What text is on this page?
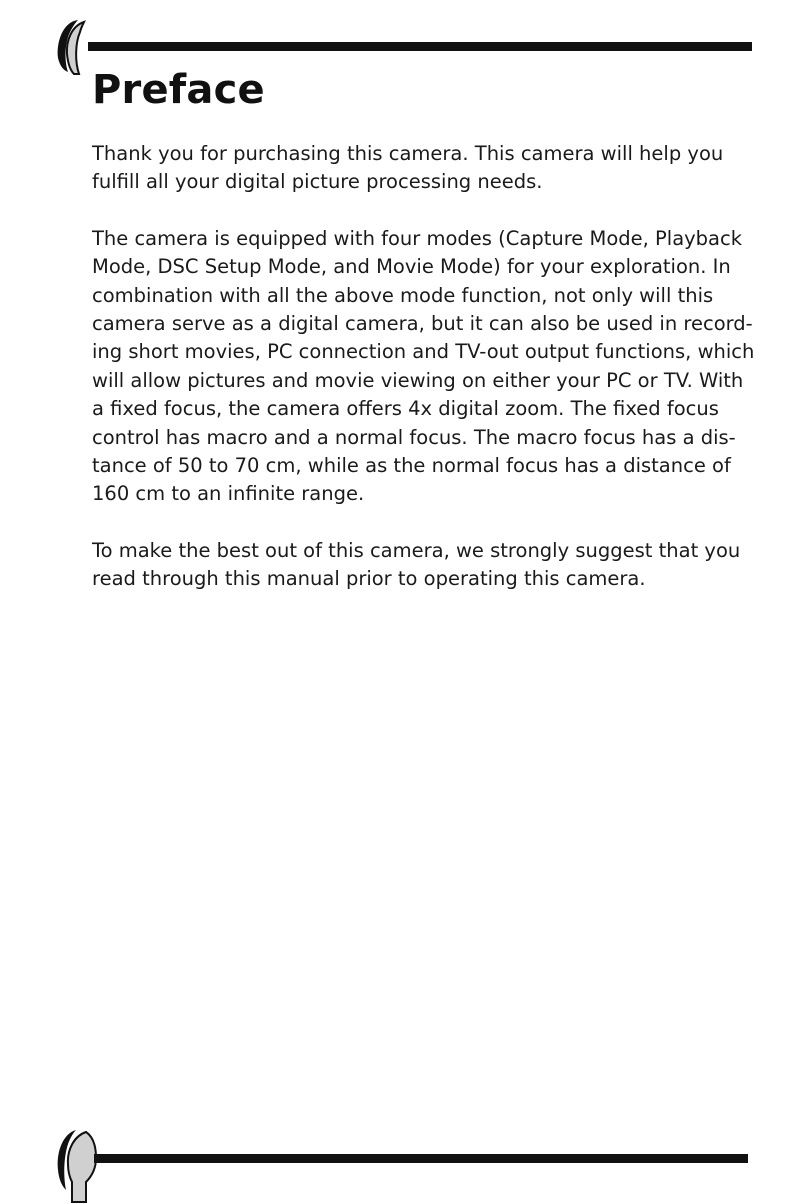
Preface

Thank you for purchasing this camera. This camera will help you
fulfill all your digital picture processing needs.

The camera is equipped with four modes (Capture Mode, Playback
Mode, DSC Setup Mode, and Movie Mode) for your exploration. In
combination with all the above mode function, not only will this
camera serve as a digital camera, but it can also be used in record-
ing short movies, PC connection and TV-out output functions, which
will allow pictures and movie viewing on either your PC or TV. With
a fixed focus, the camera offers 4x digital zoom. The fixed focus
control has macro and a normal focus. The macro focus has a dis-
tance of 50 to 70 cm, while as the normal focus has a distance of
160 cm to an infinite range.

To make the best out of this camera, we strongly suggest that you
read through this manual prior to operating this camera.
